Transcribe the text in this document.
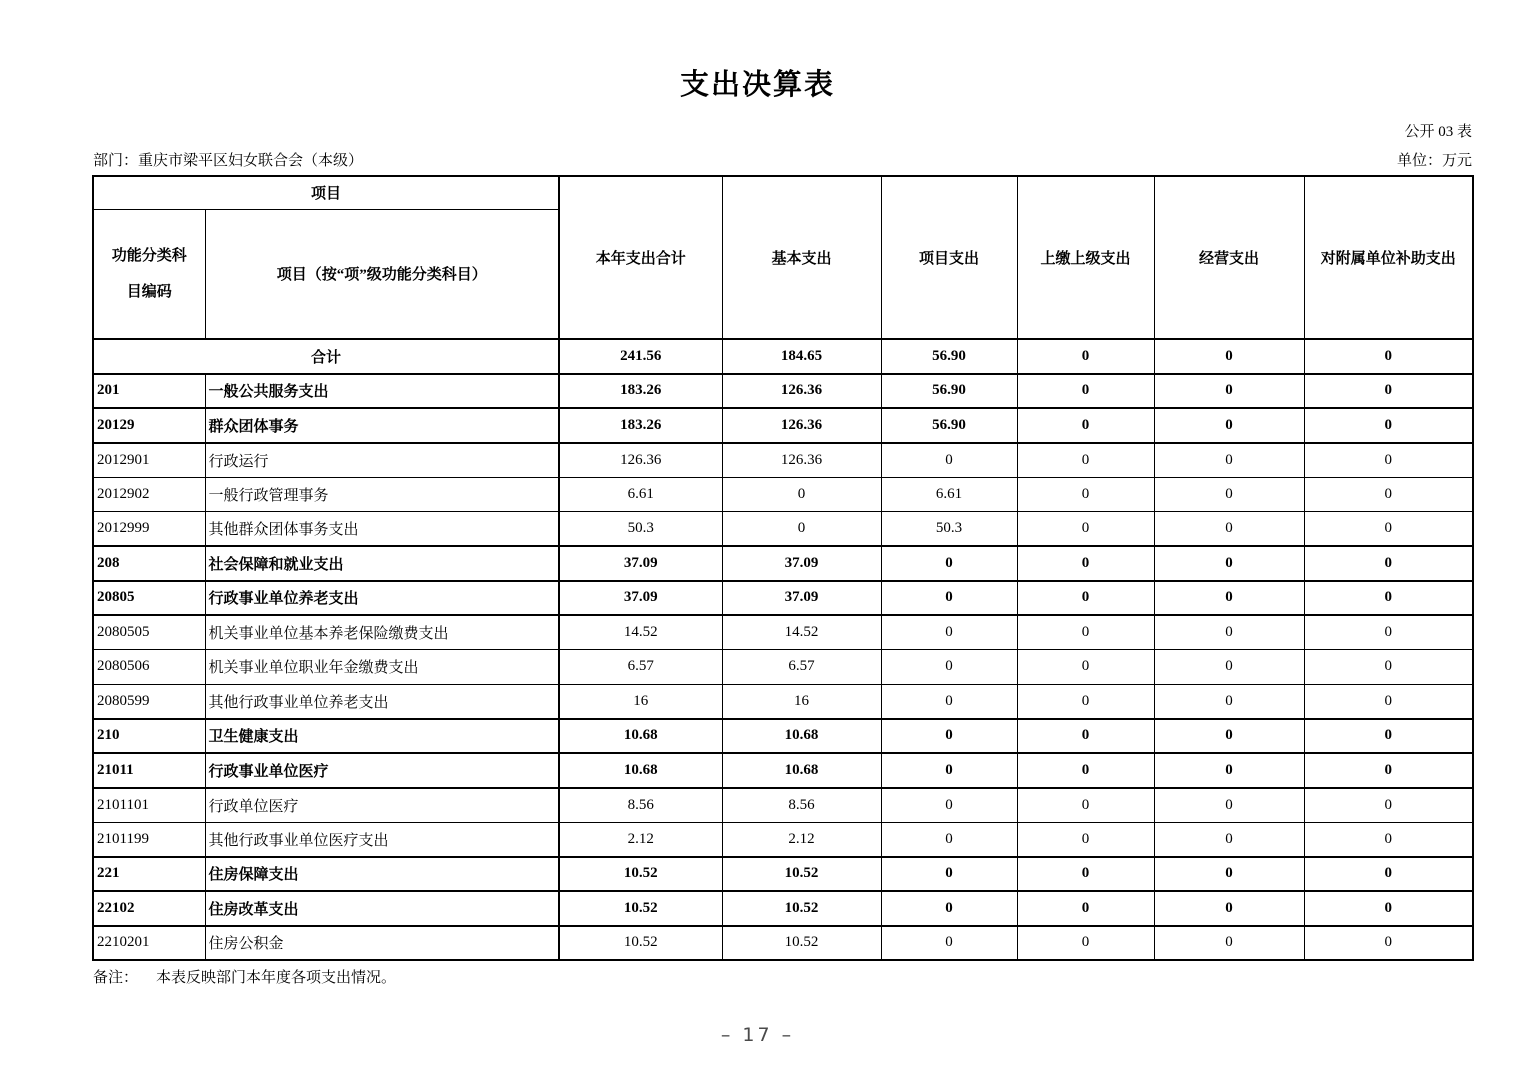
支出决算表
公开 03 表
部门：重庆市梁平区妇女联合会（本级）	单位：万元
项目		本年支出合计	基本支出	项目支出	上缴上级支出	经营支出	对附属单位补助支出
功能分类科目编码	项目（按“项”级功能分类科目）						
合计		241.56	184.65	56.90	0	0	0
201	一般公共服务支出	183.26	126.36	56.90	0	0	0
20129	群众团体事务	183.26	126.36	56.90	0	0	0
2012901	行政运行	126.36	126.36	0	0	0	0
2012902	一般行政管理事务	6.61	0	6.61	0	0	0
2012999	其他群众团体事务支出	50.3	0	50.3	0	0	0
208	社会保障和就业支出	37.09	37.09	0	0	0	0
20805	行政事业单位养老支出	37.09	37.09	0	0	0	0
2080505	机关事业单位基本养老保险缴费支出	14.52	14.52	0	0	0	0
2080506	机关事业单位职业年金缴费支出	6.57	6.57	0	0	0	0
2080599	其他行政事业单位养老支出	16	16	0	0	0	0
210	卫生健康支出	10.68	10.68	0	0	0	0
21011	行政事业单位医疗	10.68	10.68	0	0	0	0
2101101	行政单位医疗	8.56	8.56	0	0	0	0
2101199	其他行政事业单位医疗支出	2.12	2.12	0	0	0	0
221	住房保障支出	10.52	10.52	0	0	0	0
22102	住房改革支出	10.52	10.52	0	0	0	0
2210201	住房公积金	10.52	10.52	0	0	0	0
备注： 本表反映部门本年度各项支出情况。
– 17 –
